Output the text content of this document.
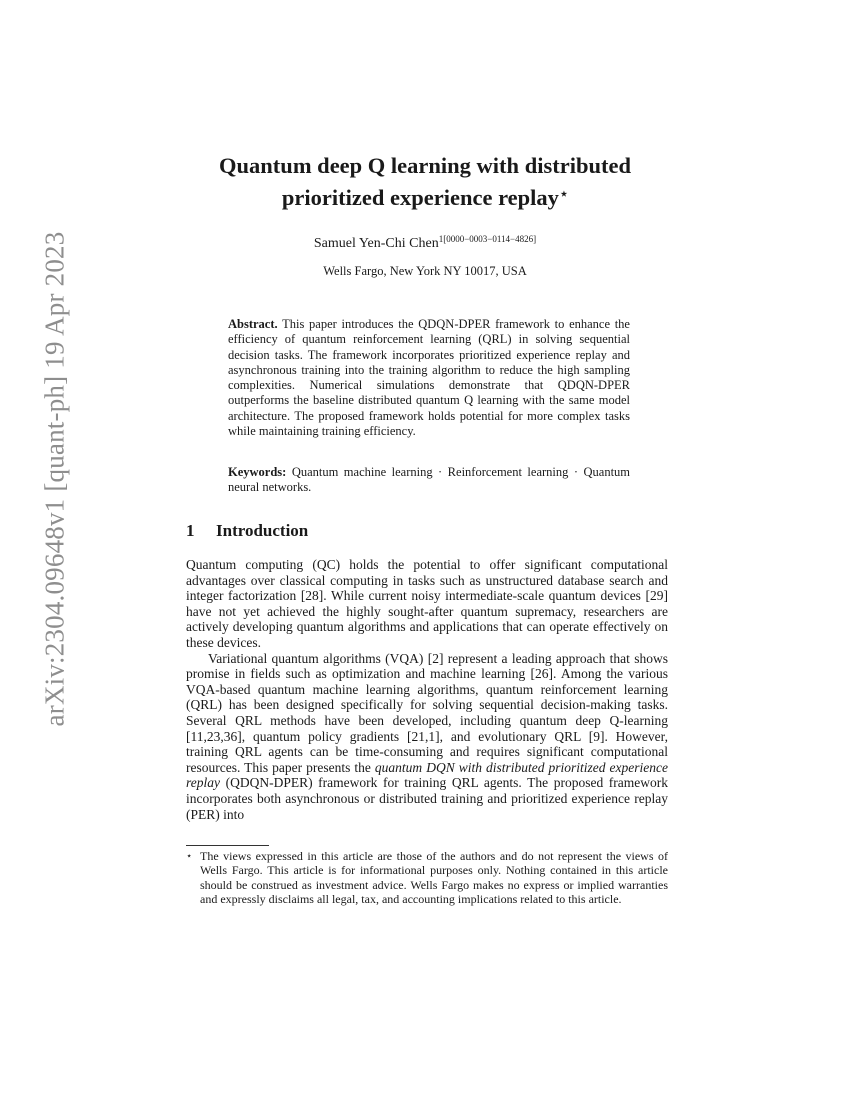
arXiv:2304.09648v1 [quant-ph] 19 Apr 2023
Quantum deep Q learning with distributed
prioritized experience replay⋆
Samuel Yen-Chi Chen$^{1[0000-0003-0114-4826]}$
Wells Fargo, New York NY 10017, USA
Abstract. This paper introduces the QDQN-DPER framework to enhance the efficiency of quantum reinforcement learning (QRL) in solving sequential decision tasks. The framework incorporates prioritized experience replay and asynchronous training into the training algorithm to reduce the high sampling complexities. Numerical simulations demonstrate that QDQN-DPER outperforms the baseline distributed quantum Q learning with the same model architecture. The proposed framework holds potential for more complex tasks while maintaining training efficiency.
Keywords: Quantum machine learning · Reinforcement learning · Quantum neural networks.
1 Introduction

Quantum computing (QC) holds the potential to offer significant computational advantages over classical computing in tasks such as unstructured database search and integer factorization [28]. While current noisy intermediate-scale quantum devices [29] have not yet achieved the highly sought-after quantum supremacy, researchers are actively developing quantum algorithms and applications that can operate effectively on these devices.

Variational quantum algorithms (VQA) [2] represent a leading approach that shows promise in fields such as optimization and machine learning [26]. Among the various VQA-based quantum machine learning algorithms, quantum reinforcement learning (QRL) has been designed specifically for solving sequential decision-making tasks. Several QRL methods have been developed, including quantum deep Q-learning [11,23,36], quantum policy gradients [21,1], and evolutionary QRL [9]. However, training QRL agents can be time-consuming and requires significant computational resources. This paper presents the quantum DQN with distributed prioritized experience replay (QDQN-DPER) framework for training QRL agents. The proposed framework incorporates both asynchronous or distributed training and prioritized experience replay (PER) into

⋆ The views expressed in this article are those of the authors and do not represent the views of Wells Fargo. This article is for informational purposes only. Nothing contained in this article should be construed as investment advice. Wells Fargo makes no express or implied warranties and expressly disclaims all legal, tax, and accounting implications related to this article.
